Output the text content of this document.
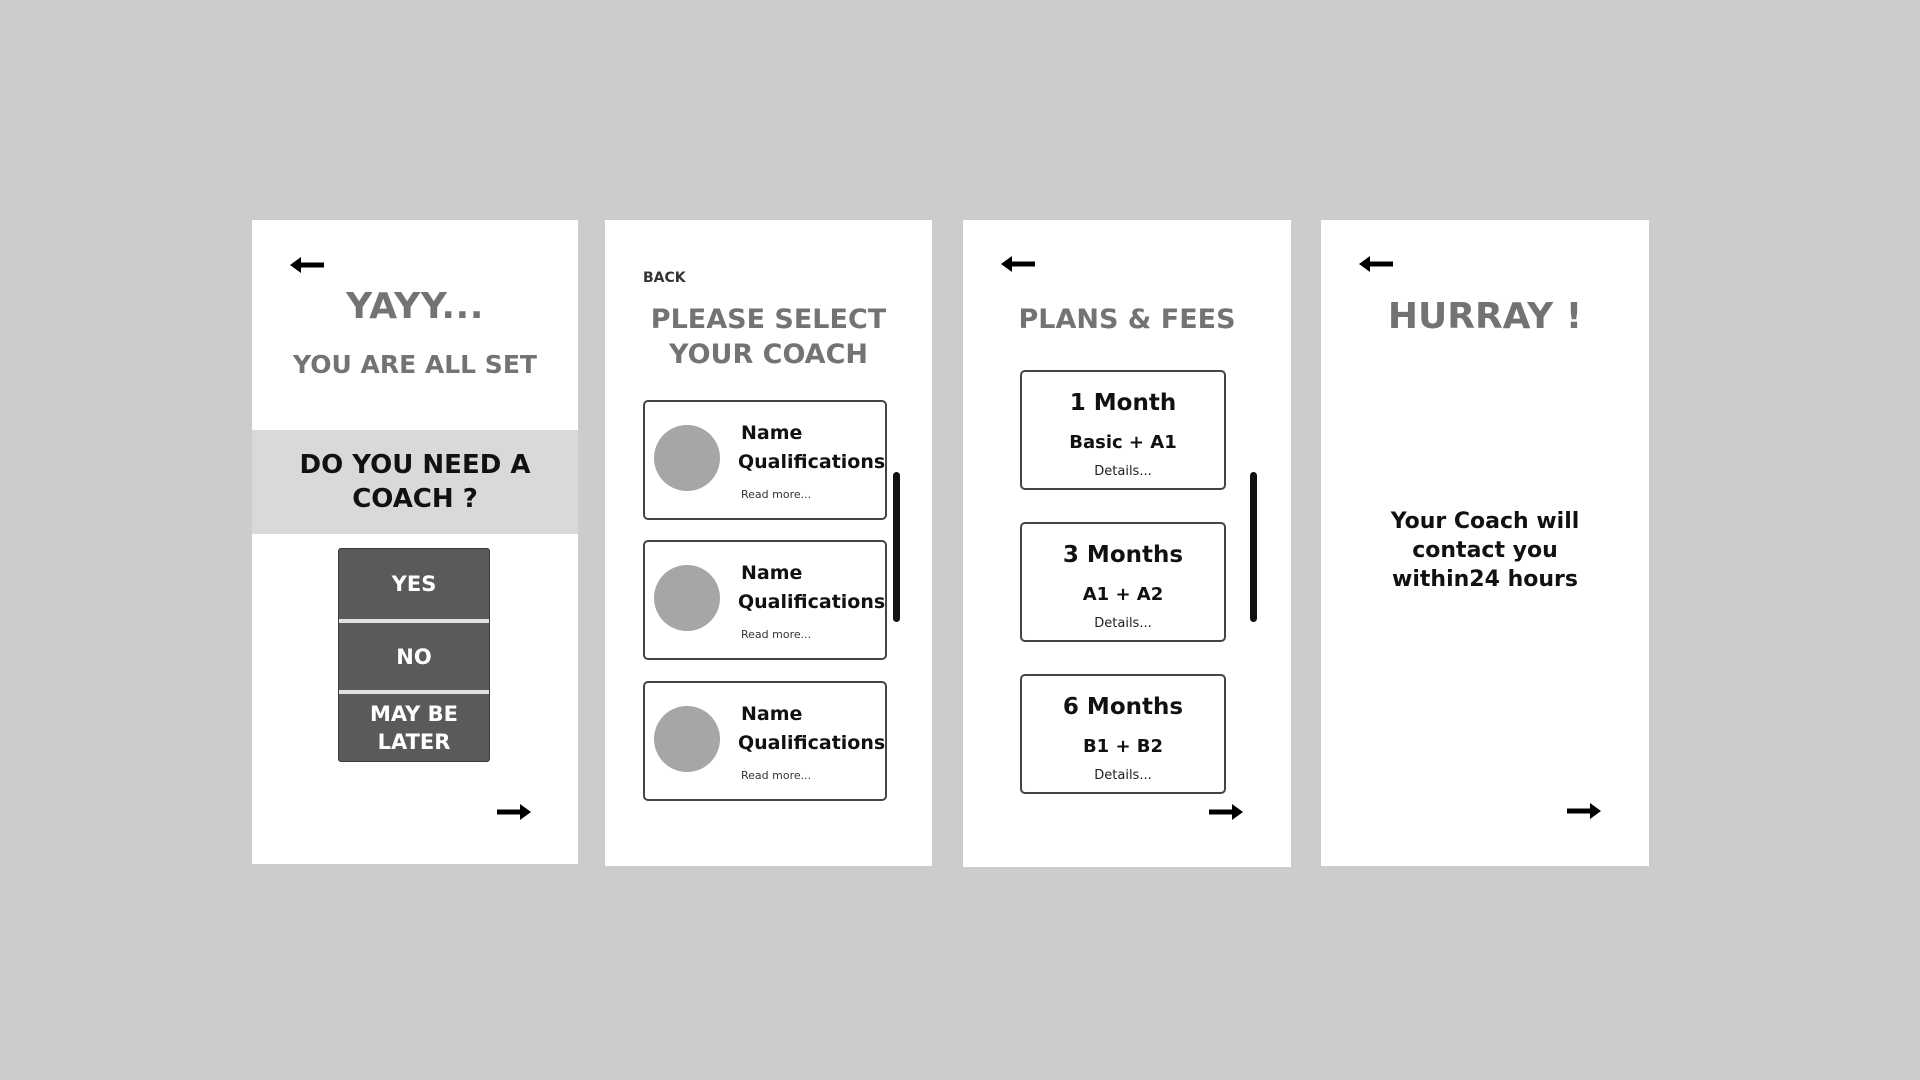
YAYY...
YOU ARE ALL SET
DO YOU NEED A COACH ?
YES
NO
MAY BE LATER
BACK
PLEASE SELECT YOUR COACH
Name
Qualifications
Read more...
Name
Qualifications
Read more...
Name
Qualifications
Read more...
PLANS & FEES
1 Month
Basic + A1
Details...
3 Months
A1 + A2
Details...
6 Months
B1 + B2
Details...
HURRAY !
Your Coach will contact you within24 hours
